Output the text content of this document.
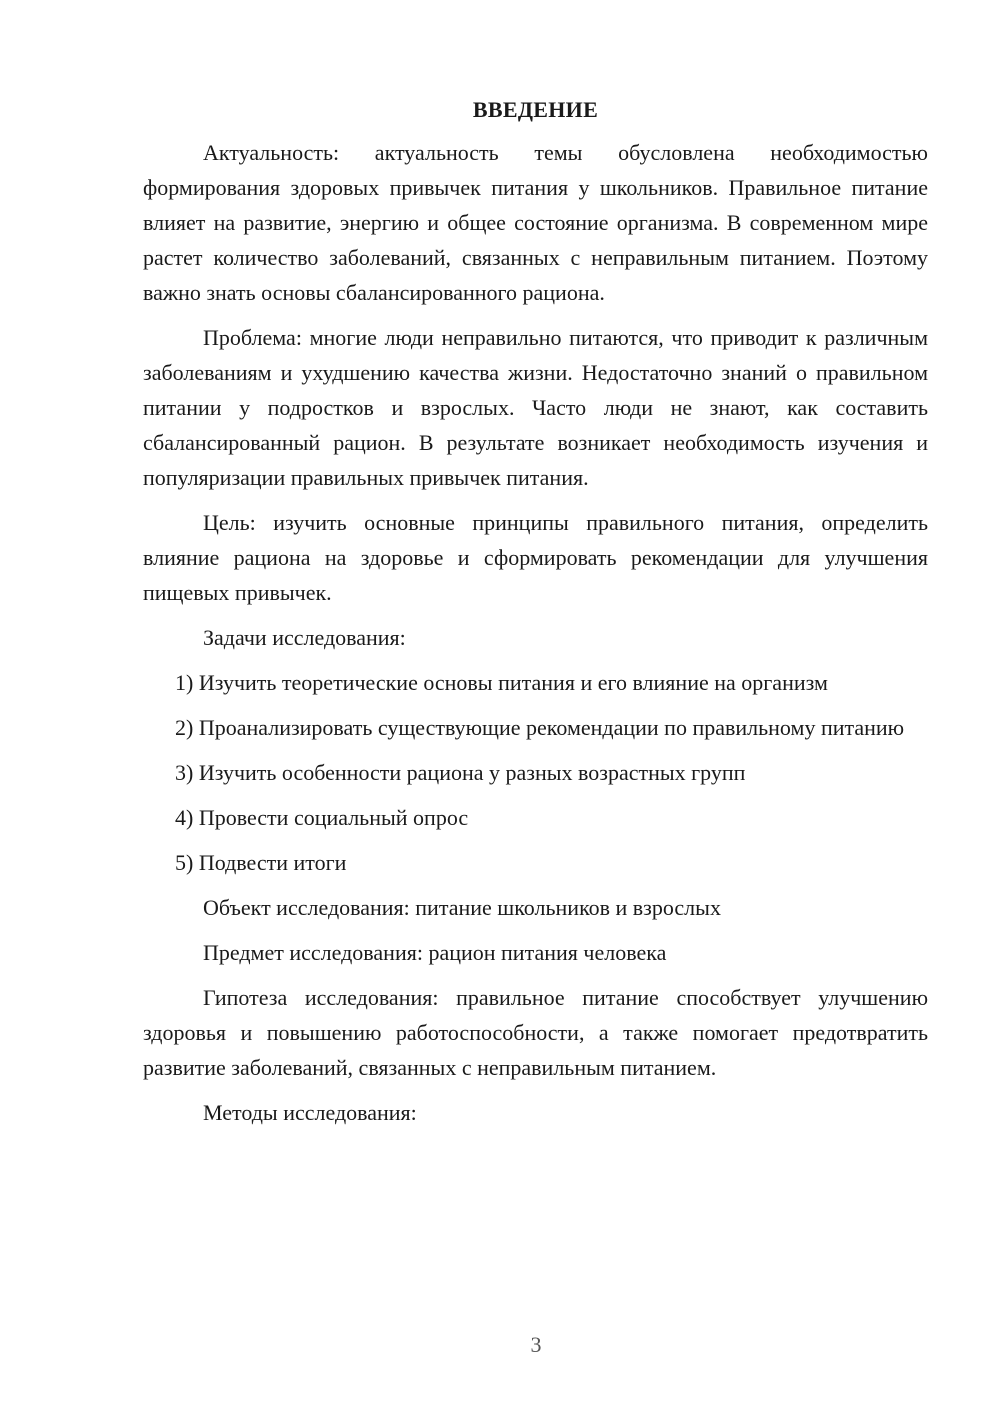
ВВЕДЕНИЕ

Актуальность: актуальность темы обусловлена необходимостью формирования здоровых привычек питания у школьников. Правильное питание влияет на развитие, энергию и общее состояние организма. В современном мире растет количество заболеваний, связанных с неправильным питанием. Поэтому важно знать основы сбалансированного рациона.

Проблема: многие люди неправильно питаются, что приводит к различным заболеваниям и ухудшению качества жизни. Недостаточно знаний о правильном питании у подростков и взрослых. Часто люди не знают, как составить сбалансированный рацион. В результате возникает необходимость изучения и популяризации правильных привычек питания.

Цель: изучить основные принципы правильного питания, определить влияние рациона на здоровье и сформировать рекомендации для улучшения пищевых привычек.

Задачи исследования:

1) Изучить теоретические основы питания и его влияние на организм

2) Проанализировать существующие рекомендации по правильному питанию

3) Изучить особенности рациона у разных возрастных групп

4) Провести социальный опрос

5) Подвести итоги

Объект исследования: питание школьников и взрослых

Предмет исследования: рацион питания человека

Гипотеза исследования: правильное питание способствует улучшению здоровья и повышению работоспособности, а также помогает предотвратить развитие заболеваний, связанных с неправильным питанием.

Методы исследования:

3
